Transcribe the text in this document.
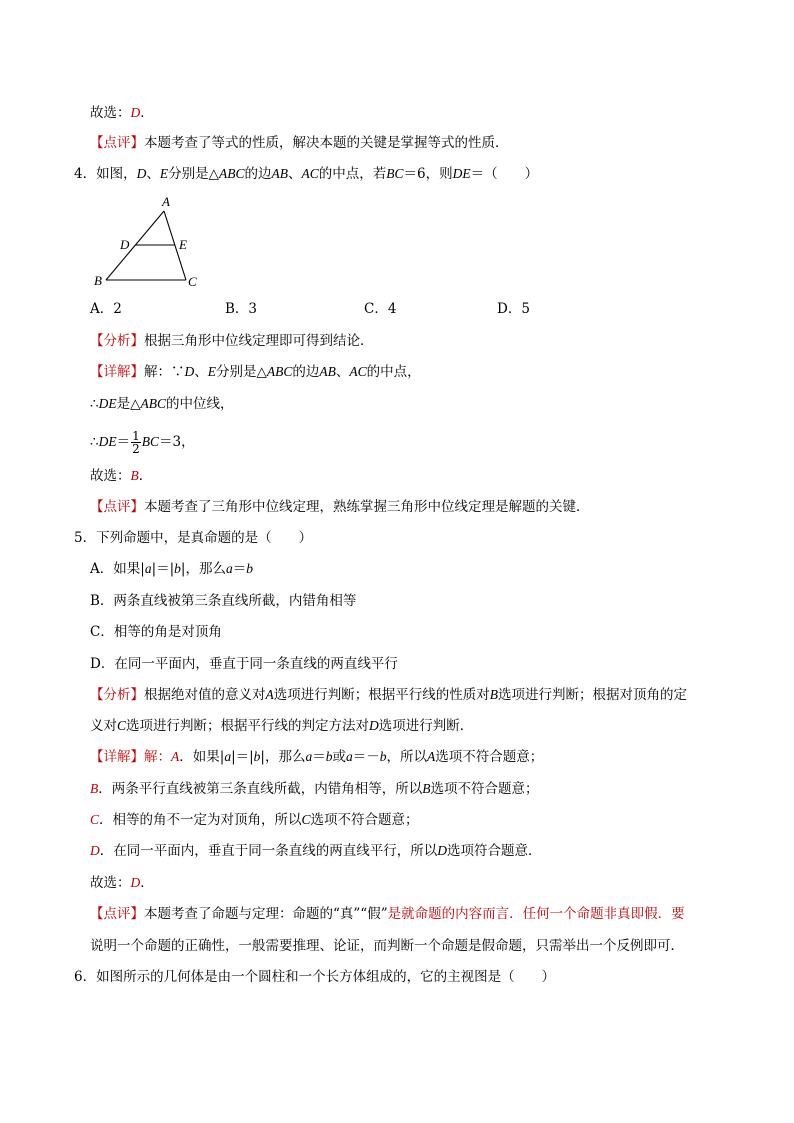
故选：D．
【点评】本题考查了等式的性质，解决本题的关键是掌握等式的性质．
4．如图，D、E分别是△ABC的边AB、AC的中点，若BC＝6，则DE＝（　　）
A
D	E
B	C
A．2	B．3	C．4	D．5
【分析】根据三角形中位线定理即可得到结论．
【详解】解：∵D、E分别是△ABC的边AB、AC的中点，
∴DE是△ABC的中位线，
∴DE＝ $\frac{1}{2} BC=3$，
故选：B．
【点评】本题考查了三角形中位线定理，熟练掌握三角形中位线定理是解题的关键．
5．下列命题中，是真命题的是（　　）
A．如果|a|＝|b|，那么a＝b
B．两条直线被第三条直线所截，内错角相等
C．相等的角是对顶角
D．在同一平面内，垂直于同一条直线的两直线平行
【分析】根据绝对值的意义对A选项进行判断；根据平行线的性质对B选项进行判断；根据对顶角的定
义对C选项进行判断；根据平行线的判定方法对D选项进行判断．
【详解】解：A．如果|a|＝|b|，那么a＝b或a＝－b，所以A选项不符合题意；
B．两条平行直线被第三条直线所截，内错角相等，所以B选项不符合题意；
C．相等的角不一定为对顶角，所以C选项不符合题意；
D．在同一平面内，垂直于同一条直线的两直线平行，所以D选项符合题意．
故选：D．
【点评】本题考查了命题与定理：命题的“真”“假”是就命题的内容而言．任何一个命题非真即假．要
说明一个命题的正确性，一般需要推理、论证，而判断一个命题是假命题，只需举出一个反例即可．
6．如图所示的几何体是由一个圆柱和一个长方体组成的，它的主视图是（　　）
